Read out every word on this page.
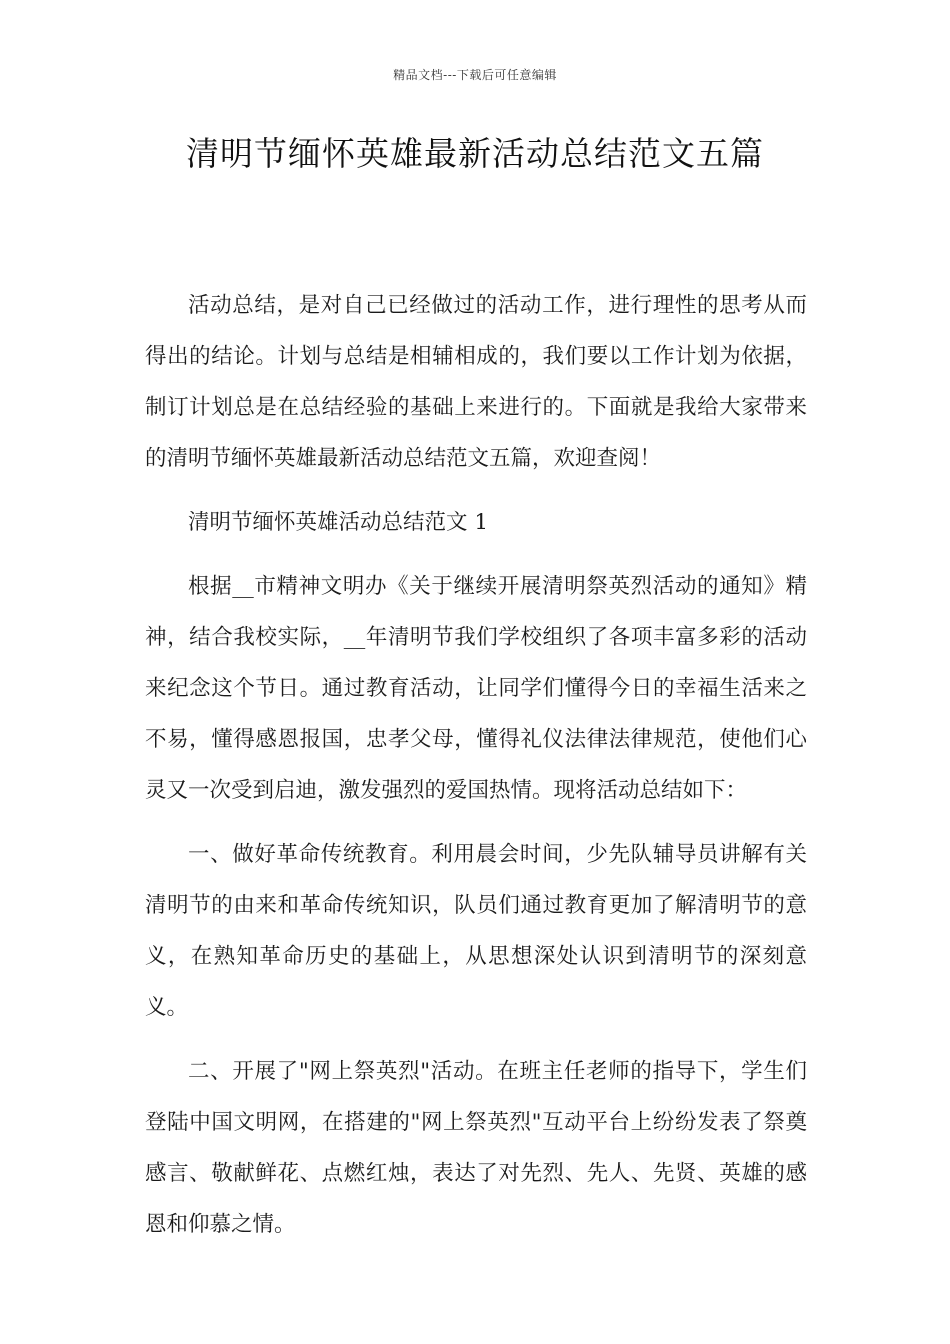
精品文档---下载后可任意编辑
清明节缅怀英雄最新活动总结范文五篇

活动总结，是对自己已经做过的活动工作，进行理性的思考从而得出的结论。计划与总结是相辅相成的，我们要以工作计划为依据，制订计划总是在总结经验的基础上来进行的。下面就是我给大家带来的清明节缅怀英雄最新活动总结范文五篇，欢迎查阅！

清明节缅怀英雄活动总结范文 1

根据__市精神文明办《关于继续开展清明祭英烈活动的通知》精神，结合我校实际，__年清明节我们学校组织了各项丰富多彩的活动来纪念这个节日。通过教育活动，让同学们懂得今日的幸福生活来之不易，懂得感恩报国，忠孝父母，懂得礼仪法律法律规范，使他们心灵又一次受到启迪，激发强烈的爱国热情。现将活动总结如下：

一、做好革命传统教育。利用晨会时间，少先队辅导员讲解有关清明节的由来和革命传统知识，队员们通过教育更加了解清明节的意义，在熟知革命历史的基础上，从思想深处认识到清明节的深刻意义。

二、开展了"网上祭英烈"活动。在班主任老师的指导下，学生们登陆中国文明网，在搭建的"网上祭英烈"互动平台上纷纷发表了祭奠感言、敬献鲜花、点燃红烛，表达了对先烈、先人、先贤、英雄的感恩和仰慕之情。
